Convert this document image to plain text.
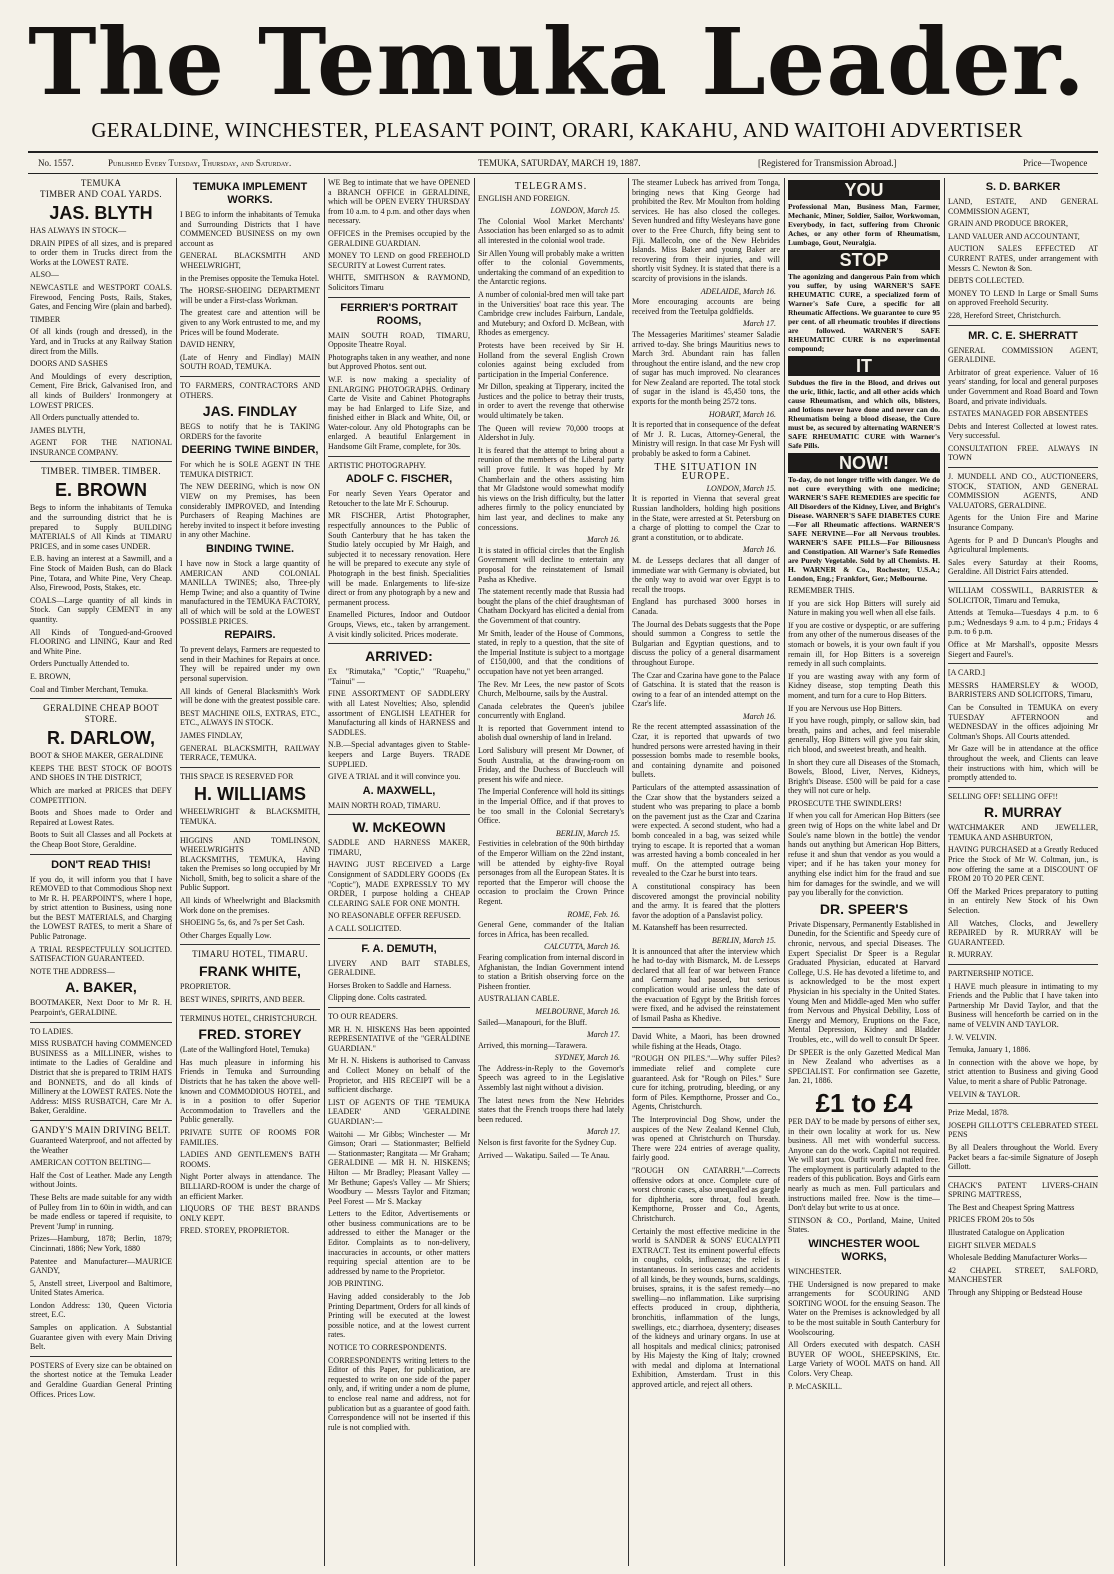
The Temuka Leader.
GERALDINE, WINCHESTER, PLEASANT POINT, ORARI, KAKAHU, AND WAITOHI ADVERTISER
No. 1557.	Published Every Tuesday, Thursday, and Saturday.	TEMUKA, SATURDAY, MARCH 19, 1887.	[Registered for Transmission Abroad.]	Price—Twopence
TEMUKA
TIMBER AND COAL YARDS.
JAS. BLYTH

HAS ALWAYS IN STOCK—

DRAIN PIPES of all sizes, and is prepared to order them in Trucks direct from the Works at the LOWEST RATE.

ALSO—

NEWCASTLE and WESTPORT COALS. Firewood, Fencing Posts, Rails, Stakes, Gates, and Fencing Wire (plain and barbed).

TIMBER

Of all kinds (rough and dressed), in the Yard, and in Trucks at any Railway Station direct from the Mills.

DOORS AND SASHES

And Mouldings of every description, Cement, Fire Brick, Galvanised Iron, and all kinds of Builders' Ironmongery at LOWEST PRICES.

All Orders punctually attended to.

JAMES BLYTH,

AGENT FOR THE NATIONAL INSURANCE COMPANY.

TIMBER. TIMBER. TIMBER.
E. BROWN

Begs to inform the inhabitants of Temuka and the surrounding district that he is prepared to Supply BUILDING MATERIALS of All Kinds at TIMARU PRICES, and in some cases UNDER.

E.B. having an interest at a Sawmill, and a Fine Stock of Maiden Bush, can do Black Pine, Totara, and White Pine, Very Cheap. Also, Firewood, Posts, Stakes, etc.

COALS—Large quantity of all kinds in Stock. Can supply CEMENT in any quantity.

All Kinds of Tongued-and-Grooved FLOORING and LINING, Kaur and Red and White Pine.

Orders Punctually Attended to.

E. BROWN,

Coal and Timber Merchant, Temuka.

GERALDINE CHEAP BOOT STORE.
R. DARLOW,

BOOT & SHOE MAKER, GERALDINE

KEEPS THE BEST STOCK OF BOOTS AND SHOES IN THE DISTRICT,

Which are marked at PRICES that DEFY COMPETITION.

Boots and Shoes made to Order and Repaired at Lowest Rates.

Boots to Suit all Classes and all Pockets at the Cheap Boot Store, Geraldine.

DON'T READ THIS!

If you do, it will inform you that I have REMOVED to that Commodious Shop next to Mr R. H. PEARPOINT'S, where I hope, by strict attention to Business, using none but the BEST MATERIALS, and Charging the LOWEST RATES, to merit a Share of Public Patronage.

A TRIAL RESPECTFULLY SOLICITED. SATISFACTION GUARANTEED.

NOTE THE ADDRESS—

A. BAKER,

BOOTMAKER, Next Door to Mr R. H. Pearpoint's, GERALDINE.

TO LADIES.

MISS RUSBATCH having COMMENCED BUSINESS as a MILLINER, wishes to intimate to the Ladies of Geraldine and District that she is prepared to TRIM HATS and BONNETS, and do all kinds of Millinery at the LOWEST RATES. Note the Address: MISS RUSBATCH, Care Mr A. Baker, Geraldine.

GANDY'S MAIN DRIVING BELT.

Guaranteed Waterproof, and not affected by the Weather

AMERICAN COTTON BELTING—

Half the Cost of Leather. Made any Length without Joints.

These Belts are made suitable for any width of Pulley from 1in to 60in in width, and can be made endless or tapered if requisite, to Prevent 'Jump' in running.

Prizes—Hamburg, 1878; Berlin, 1879; Cincinnati, 1886; New York, 1880

Patentee and Manufacturer—MAURICE GANDY,

5, Anstell street, Liverpool and Baltimore, United States America.

London Address: 130, Queen Victoria street, E.C.

Samples on application. A Substantial Guarantee given with every Main Driving Belt.

POSTERS of Every size can be obtained on the shortest notice at the Temuka Leader and Geraldine Guardian General Printing Offices. Prices Low.

TEMUKA IMPLEMENT WORKS.

I BEG to inform the inhabitants of Temuka and Surrounding Districts that I have COMMENCED BUSINESS on my own account as

GENERAL BLACKSMITH AND WHEELWRIGHT,

in the Premises opposite the Temuka Hotel.

The HORSE-SHOEING DEPARTMENT will be under a First-class Workman.

The greatest care and attention will be given to any Work entrusted to me, and my Prices will be found Moderate.

DAVID HENRY,

(Late of Henry and Findlay) MAIN SOUTH ROAD, TEMUKA.

TO FARMERS, CONTRACTORS AND OTHERS.

JAS. FINDLAY

BEGS to notify that he is TAKING ORDERS for the favorite

DEERING TWINE BINDER,

For which he is SOLE AGENT IN THE TEMUKA DISTRICT.

The NEW DEERING, which is now ON VIEW on my Premises, has been considerably IMPROVED, and Intending Purchasers of Reaping Machines are hereby invited to inspect it before investing in any other Machine.

BINDING TWINE.

I have now in Stock a large quantity of AMERICAN AND COLONIAL MANILLA TWINES; also, Three-ply Hemp Twine; and also a quantity of Twine manufactured in the TEMUKA FACTORY, all of which will be sold at the LOWEST POSSIBLE PRICES.

REPAIRS.

To prevent delays, Farmers are requested to send in their Machines for Repairs at once. They will be repaired under my own personal supervision.

All kinds of General Blacksmith's Work will be done with the greatest possible care.

BEST MACHINE OILS, EXTRAS, ETC., ETC., ALWAYS IN STOCK.

JAMES FINDLAY,

GENERAL BLACKSMITH, RAILWAY TERRACE, TEMUKA.

THIS SPACE IS RESERVED FOR

H. WILLIAMS

WHEELWRIGHT & BLACKSMITH, TEMUKA.

HIGGINS AND TOMLINSON, WHEELWRIGHTS AND BLACKSMITHS, TEMUKA, Having taken the Premises so long occupied by Mr Nicholl, Smith, beg to solicit a share of the Public Support.

All kinds of Wheelwright and Blacksmith Work done on the premises.

SHOEING 5s, 6s, and 7s per Set Cash.

Other Charges Equally Low.

TIMARU HOTEL, TIMARU.
FRANK WHITE,

PROPRIETOR.

BEST WINES, SPIRITS, AND BEER.

TERMINUS HOTEL, CHRISTCHURCH.

FRED. STOREY

(Late of the Wallingford Hotel, Temuka)

Has much pleasure in informing his Friends in Temuka and Surrounding Districts that he has taken the above well-known and COMMODIOUS HOTEL, and is in a position to offer Superior Accommodation to Travellers and the Public generally.

PRIVATE SUITE OF ROOMS FOR FAMILIES.

LADIES AND GENTLEMEN'S BATH ROOMS.

Night Porter always in attendance. The BILLIARD-ROOM is under the charge of an efficient Marker.

LIQUORS OF THE BEST BRANDS ONLY KEPT.

FRED. STOREY, PROPRIETOR.

WE Beg to intimate that we have OPENED a BRANCH OFFICE in GERALDINE, which will be OPEN EVERY THURSDAY from 10 a.m. to 4 p.m. and other days when necessary.

OFFICES in the Premises occupied by the GERALDINE GUARDIAN.

MONEY TO LEND on good FREEHOLD SECURITY at Lowest Current rates.

WHITE, SMITHSON & RAYMOND, Solicitors Timaru

FERRIER'S PORTRAIT ROOMS,

MAIN SOUTH ROAD, TIMARU, Opposite Theatre Royal.

Photographs taken in any weather, and none but Approved Photos. sent out.

W.F. is now making a speciality of ENLARGING PHOTOGRAPHS. Ordinary Carte de Visite and Cabinet Photographs may be had Enlarged to Life Size, and finished either in Black and White, Oil, or Water-colour. Any old Photographs can be enlarged. A beautiful Enlargement in Handsome Gilt Frame, complete, for 30s.

ARTISTIC PHOTOGRAPHY.

ADOLF C. FISCHER,

For nearly Seven Years Operator and Retoucher to the late Mr F. Schourup.

MR FISCHER, Artist Photographer, respectfully announces to the Public of South Canterbury that he has taken the Studio lately occupied by Mr Haigh, and subjected it to necessary renovation. Here he will be prepared to execute any style of Photograph in the best finish. Specialities will be made. Enlargements to life-size direct or from any photograph by a new and permanent process.

Enamelled Pictures, Indoor and Outdoor Groups, Views, etc., taken by arrangement. A visit kindly solicited. Prices moderate.

ARRIVED:

Ex "Rimutaka," "Coptic," "Ruapehu," "Tainui" —

FINE ASSORTMENT OF SADDLERY with all Latest Novelties; Also, splendid assortment of ENGLISH LEATHER for Manufacturing all kinds of HARNESS and SADDLES.

N.B.—Special advantages given to Stable-keepers and Large Buyers. TRADE SUPPLIED.

GIVE A TRIAL and it will convince you.

A. MAXWELL,

MAIN NORTH ROAD, TIMARU.

W. McKEOWN

SADDLE AND HARNESS MAKER, TIMARU,

HAVING JUST RECEIVED a Large Consignment of SADDLERY GOODS (Ex "Coptic"), MADE EXPRESSLY TO MY ORDER, I purpose holding a CHEAP CLEARING SALE FOR ONE MONTH.

NO REASONABLE OFFER REFUSED.

A CALL SOLICITED.

F. A. DEMUTH,

LIVERY AND BAIT STABLES, GERALDINE.

Horses Broken to Saddle and Harness.

Clipping done. Colts castrated.

TO OUR READERS.

MR H. N. HISKENS Has been appointed REPRESENTATIVE of the "GERALDINE GUARDIAN."

Mr H. N. Hiskens is authorised to Canvass and Collect Money on behalf of the Proprietor, and HIS RECEIPT will be a sufficient discharge.

LIST OF AGENTS OF THE 'TEMUKA LEADER' AND 'GERALDINE GUARDIAN':—

Waitohi — Mr Gibbs; Winchester — Mr Gimson; Orari — Stationmaster; Belfield — Stationmaster; Rangitata — Mr Graham; GERALDINE — MR H. N. HISKENS; Hilton — Mr Bradley; Pleasant Valley — Mr Bethune; Gapes's Valley — Mr Shiers; Woodbury — Messrs Taylor and Fitzman; Peel Forest — Mr S. Mackay

Letters to the Editor, Advertisements or other business communications are to be addressed to either the Manager or the Editor. Complaints as to non-delivery, inaccuracies in accounts, or other matters requiring special attention are to be addressed by name to the Proprietor.

JOB PRINTING.

Having added considerably to the Job Printing Department, Orders for all kinds of Printing will be executed at the lowest possible notice, and at the lowest current rates.

NOTICE TO CORRESPONDENTS.

CORRESPONDENTS writing letters to the Editor of this Paper, for publication, are requested to write on one side of the paper only, and, if writing under a nom de plume, to enclose real name and address, not for publication but as a guarantee of good faith. Correspondence will not be inserted if this rule is not complied with.

TELEGRAMS.

ENGLISH AND FOREIGN.

LONDON, March 15.

The Colonial Wool Market Merchants' Association has been enlarged so as to admit all interested in the colonial wool trade.

Sir Allen Young will probably make a written offer to the colonial Governments, undertaking the command of an expedition to the Antarctic regions.

A number of colonial-bred men will take part in the Universities' boat race this year. The Cambridge crew includes Fairburn, Landale, and Mutebury; and Oxford D. McBean, with Rhodes as emergency.

Protests have been received by Sir H. Holland from the several English Crown colonies against being excluded from participation in the Imperial Conference.

Mr Dillon, speaking at Tipperary, incited the Justices and the police to betray their trusts, in order to avert the revenge that otherwise would ultimately be taken.

The Queen will review 70,000 troops at Aldershot in July.

It is feared that the attempt to bring about a reunion of the members of the Liberal party will prove futile. It was hoped by Mr Chamberlain and the others assisting him that Mr Gladstone would somewhat modify his views on the Irish difficulty, but the latter adheres firmly to the policy enunciated by him last year, and declines to make any concessions.

March 16.

It is stated in official circles that the English Government will decline to entertain any proposal for the reinstatement of Ismail Pasha as Khedive.

The statement recently made that Russia had bought the plans of the chief draughtsman of Chatham Dockyard has elicited a denial from the Government of that country.

Mr Smith, leader of the House of Commons, stated, in reply to a question, that the site of the Imperial Institute is subject to a mortgage of £150,000, and that the conditions of occupation have not yet been arranged.

The Rev. Mr Lees, the new pastor of Scots Church, Melbourne, sails by the Austral.

Canada celebrates the Queen's jubilee concurrently with England.

It is reported that Government intend to abolish dual ownership of land in Ireland.

Lord Salisbury will present Mr Downer, of South Australia, at the drawing-room on Friday, and the Duchess of Buccleuch will present his wife and niece.

The Imperial Conference will hold its sittings in the Imperial Office, and if that proves to be too small in the Colonial Secretary's Office.

BERLIN, March 15.

Festivities in celebration of the 90th birthday of the Emperor William on the 22nd instant, will be attended by eighty-five Royal personages from all the European States. It is reported that the Emperor will choose the occasion to proclaim the Crown Prince Regent.

ROME, Feb. 16.

General Gene, commander of the Italian forces in Africa, has been recalled.

CALCUTTA, March 16.

Fearing complication from internal discord in Afghanistan, the Indian Government intend to station a British observing force on the Pisheen frontier.

AUSTRALIAN CABLE.

MELBOURNE, March 16.

Sailed—Manapouri, for the Bluff.

March 17.

Arrived, this morning—Tarawera.

SYDNEY, March 16.

The Address-in-Reply to the Governor's Speech was agreed to in the Legislative Assembly last night without a division.

The latest news from the New Hebrides states that the French troops there had lately been reduced.

March 17.

Nelson is first favorite for the Sydney Cup.

Arrived — Wakatipu. Sailed — Te Anau.

The steamer Lubeck has arrived from Tonga, bringing news that King George had prohibited the Rev. Mr Moulton from holding services. He has also closed the colleges. Seven hundred and fifty Wesleyans have gone over to the Free Church, fifty being sent to Fiji. Mallecoln, one of the New Hebrides Islands. Miss Baker and young Baker are recovering from their injuries, and will shortly visit Sydney. It is stated that there is a scarcity of provisions in the islands.

ADELAIDE, March 16.

More encouraging accounts are being received from the Teetulpa goldfields.

March 17.

The Messageries Maritimes' steamer Saladie arrived to-day. She brings Mauritius news to March 3rd. Abundant rain has fallen throughout the entire island, and the new crop of sugar has much improved. No clearances for New Zealand are reported. The total stock of sugar in the island is 45,450 tons, the exports for the month being 2572 tons.

HOBART, March 16.

It is reported that in consequence of the defeat of Mr J. R. Lucas, Attorney-General, the Ministry will resign. In that case Mr Fysh will probably be asked to form a Cabinet.

THE SITUATION IN EUROPE.
LONDON, March 15.

It is reported in Vienna that several great Russian landholders, holding high positions in the State, were arrested at St. Petersburg on a charge of plotting to compel the Czar to grant a constitution, or to abdicate.

March 16.

M. de Lesseps declares that all danger of immediate war with Germany is obviated, but the only way to avoid war over Egypt is to recall the troops.

England has purchased 3000 horses in Canada.

The Journal des Debats suggests that the Pope should summon a Congress to settle the Bulgarian and Egyptian questions, and to discuss the policy of a general disarmament throughout Europe.

The Czar and Czarina have gone to the Palace of Gatschina. It is stated that the reason is owing to a fear of an intended attempt on the Czar's life.

March 16.

Re the recent attempted assassination of the Czar, it is reported that upwards of two hundred persons were arrested having in their possession bombs made to resemble books, and containing dynamite and poisoned bullets.

Particulars of the attempted assassination of the Czar show that the bystanders seized a student who was preparing to place a bomb on the pavement just as the Czar and Czarina were expected. A second student, who had a bomb concealed in a bag, was seized while trying to escape. It is reported that a woman was arrested having a bomb concealed in her muff. On the attempted outrage being revealed to the Czar he burst into tears.

A constitutional conspiracy has been discovered amongst the provincial nobility and the army. It is feared that the plotters favor the adoption of a Panslavist policy.

M. Katansheff has been resurrected.

BERLIN, March 15.

It is announced that after the interview which he had to-day with Bismarck, M. de Lesseps declared that all fear of war between France and Germany had passed, but serious complication would arise unless the date of the evacuation of Egypt by the British forces were fixed, and he advised the reinstatement of Ismail Pasha as Khedive.

David White, a Maori, has been drowned while fishing at the Heads, Otago.

"ROUGH ON PILES."—Why suffer Piles? immediate relief and complete cure guaranteed. Ask for "Rough on Piles." Sure cure for itching, protruding, bleeding, or any form of Piles. Kempthorne, Prosser and Co., Agents, Christchurch.

The Interprovincial Dog Show, under the auspices of the New Zealand Kennel Club, was opened at Christchurch on Thursday. There were 224 entries of average quality, fairly good.

"ROUGH ON CATARRH."—Corrects offensive odors at once. Complete cure of worst chronic cases, also unequalled as gargle for diphtheria, sore throat, foul breath. Kempthorne, Prosser and Co., Agents, Christchurch.

Certainly the most effective medicine in the world is SANDER & SONS' EUCALYPTI EXTRACT. Test its eminent powerful effects in coughs, colds, influenza; the relief is instantaneous. In serious cases and accidents of all kinds, be they wounds, burns, scaldings, bruises, sprains, it is the safest remedy—no swelling—no inflammation. Like surprising effects produced in croup, diphtheria, bronchitis, inflammation of the lungs, swellings, etc.; diarrhoea, dysentery; diseases of the kidneys and urinary organs. In use at all hospitals and medical clinics; patronised by His Majesty the King of Italy; crowned with medal and diploma at International Exhibition, Amsterdam. Trust in this approved article, and reject all others.

YOU

Professional Man, Business Man, Farmer, Mechanic, Miner, Soldier, Sailor, Workwoman, Everybody, in fact, suffering from Chronic Aches, or any other form of Rheumatism, Lumbago, Gout, Neuralgia.

STOP

The agonizing and dangerous Pain from which you suffer, by using WARNER'S SAFE RHEUMATIC CURE, a specialized form of Warner's Safe Cure, a specific for all Rheumatic Affections. We guarantee to cure 95 per cent. of all rheumatic troubles if directions are followed. WARNER'S SAFE RHEUMATIC CURE is no experimental compound;

IT

Subdues the fire in the Blood, and drives out the uric, lithic, lactic, and all other acids which cause Rheumatism, and which oils, blisters, and lotions never have done and never can do. Rheumatism being a blood disease, the Cure must be, as secured by alternating WARNER'S SAFE RHEUMATIC CURE with Warner's Safe Pills.

NOW!

To-day, do not longer trifle with danger. We do not cure everything with one medicine; WARNER'S SAFE REMEDIES are specific for All Disorders of the Kidney, Liver, and Bright's Disease. WARNER'S SAFE DIABETES CURE—For all Rheumatic affections. WARNER'S SAFE NERVINE—For all Nervous troubles. WARNER'S SAFE PILLS—For Biliousness and Constipation. All Warner's Safe Remedies are Purely Vegetable. Sold by all Chemists. H. H. WARNER & Co., Rochester, U.S.A.; London, Eng.; Frankfort, Ger.; Melbourne.

REMEMBER THIS.

If you are sick Hop Bitters will surely aid Nature in making you well when all else fails.

If you are costive or dyspeptic, or are suffering from any other of the numerous diseases of the stomach or bowels, it is your own fault if you remain ill, for Hop Bitters is a sovereign remedy in all such complaints.

If you are wasting away with any form of Kidney disease, stop tempting Death this moment, and turn for a cure to Hop Bitters.

If you are Nervous use Hop Bitters.

If you have rough, pimply, or sallow skin, bad breath, pains and aches, and feel miserable generally, Hop Bitters will give you fair skin, rich blood, and sweetest breath, and health.

In short they cure all Diseases of the Stomach, Bowels, Blood, Liver, Nerves, Kidneys, Bright's Disease. £500 will be paid for a case they will not cure or help.

PROSECUTE THE SWINDLERS!

If when you call for American Hop Bitters (see green twig of Hops on the white label and Dr Soule's name blown in the bottle) the vendor hands out anything but American Hop Bitters, refuse it and shun that vendor as you would a viper; and if he has taken your money for anything else indict him for the fraud and sue him for damages for the swindle, and we will pay you liberally for the conviction.

DR. SPEER'S

Private Dispensary, Permanently Established in Dunedin, for the Scientific and Speedy cure of chronic, nervous, and special Diseases. The Expert Specialist Dr Speer is a Regular Graduated Physician, educated at Harvard College, U.S. He has devoted a lifetime to, and is acknowledged to be the most expert Physician in his specialty in the United States. Young Men and Middle-aged Men who suffer from Nervous and Physical Debility, Loss of Energy and Memory, Eruptions on the Face, Mental Depression, Kidney and Bladder Troubles, etc., will do well to consult Dr Speer.

Dr SPEER is the only Gazetted Medical Man in New Zealand who advertises as a SPECIALIST. For confirmation see Gazette, Jan. 21, 1886.

£1 to £4

PER DAY to be made by persons of either sex, in their own locality at work for us. New business. All met with wonderful success. Anyone can do the work. Capital not required. We will start you. Outfit worth £1 mailed free. The employment is particularly adapted to the readers of this publication. Boys and Girls earn nearly as much as men. Full particulars and instructions mailed free. Now is the time—Don't delay but write to us at once.

STINSON & CO., Portland, Maine, United States.

WINCHESTER WOOL WORKS,

WINCHESTER.

THE Undersigned is now prepared to make arrangements for SCOURING AND SORTING WOOL for the ensuing Season. The Water on the Premises is acknowledged by all to be the most suitable in South Canterbury for Woolscouring.

All Orders executed with despatch. CASH BUYER OF WOOL, SHEEPSKINS, Etc. Large Variety of WOOL MATS on hand. All Colors. Very Cheap.

P. McCASKILL.

S. D. BARKER

LAND, ESTATE, AND GENERAL COMMISSION AGENT,

GRAIN AND PRODUCE BROKER,

LAND VALUER AND ACCOUNTANT,

AUCTION SALES EFFECTED AT CURRENT RATES, under arrangement with Messrs C. Newton & Son.

DEBTS COLLECTED.

MONEY TO LEND In Large or Small Sums on approved Freehold Security.

228, Hereford Street, Christchurch.

MR. C. E. SHERRATT

GENERAL COMMISSION AGENT, GERALDINE.

Arbitrator of great experience. Valuer of 16 years' standing, for local and general purposes under Government and Road Board and Town Board, and private individuals.

ESTATES MANAGED FOR ABSENTEES

Debts and Interest Collected at lowest rates. Very successful.

CONSULTATION FREE. ALWAYS IN TOWN

J. MUNDELL AND CO., AUCTIONEERS, STOCK, STATION, AND GENERAL COMMISSION AGENTS, AND VALUATORS, GERALDINE.

Agents for the Union Fire and Marine Insurance Company.

Agents for P and D Duncan's Ploughs and Agricultural Implements.

Sales every Saturday at their Rooms, Geraldine. All District Fairs attended.

WILLIAM COSSWILL, BARRISTER & SOLICITOR, Timaru and Temuka,

Attends at Temuka—Tuesdays 4 p.m. to 6 p.m.; Wednesdays 9 a.m. to 4 p.m.; Fridays 4 p.m. to 6 p.m.

Office at Mr Marshall's, opposite Messrs Siegert and Faurel's.

[A CARD.]

MESSRS HAMERSLEY & WOOD, BARRISTERS AND SOLICITORS, Timaru,

Can be Consulted in TEMUKA on every TUESDAY AFTERNOON and WEDNESDAY in the offices adjoining Mr Coltman's Shops. All Courts attended.

Mr Gaze will be in attendance at the office throughout the week, and Clients can leave their instructions with him, which will be promptly attended to.

SELLING OFF! SELLING OFF!!

R. MURRAY

WATCHMAKER AND JEWELLER, TEMUKA AND ASHBURTON,

HAVING PURCHASED at a Greatly Reduced Price the Stock of Mr W. Coltman, jun., is now offering the same at a DISCOUNT OF FROM 20 TO 20 PER CENT.

Off the Marked Prices preparatory to putting in an entirely New Stock of his Own Selection.

All Watches, Clocks, and Jewellery REPAIRED by R. MURRAY will be GUARANTEED.

R. MURRAY.

PARTNERSHIP NOTICE.

I HAVE much pleasure in intimating to my Friends and the Public that I have taken into Partnership Mr David Taylor, and that the Business will henceforth be carried on in the name of VELVIN AND TAYLOR.

J. W. VELVIN.

Temuka, January 1, 1886.

In connection with the above we hope, by strict attention to Business and giving Good Value, to merit a share of Public Patronage.

VELVIN & TAYLOR.

Prize Medal, 1878.

JOSEPH GILLOTT'S CELEBRATED STEEL PENS

By all Dealers throughout the World. Every Packet bears a fac-simile Signature of Joseph Gillott.

CHACK'S PATENT LIVERS-CHAIN SPRING MATTRESS,

The Best and Cheapest Spring Mattress

PRICES FROM 20s to 50s

Illustrated Catalogue on Application

EIGHT SILVER MEDALS

Wholesale Bedding Manufacturer Works—

42 CHAPEL STREET, SALFORD, MANCHESTER

Through any Shipping or Bedstead House
